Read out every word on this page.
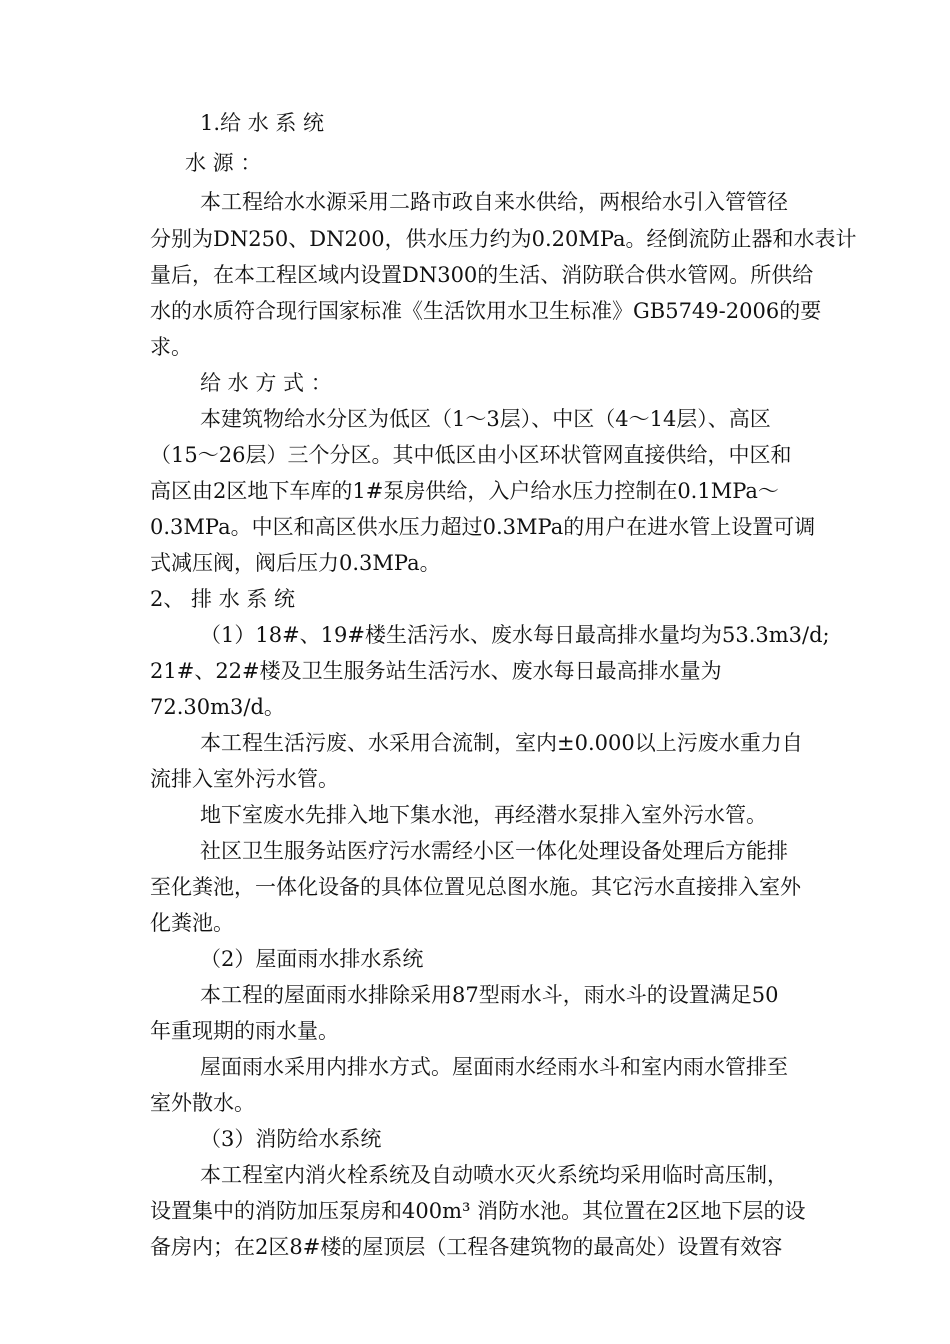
1.给 水 系 统
水 源 ：
本工程给水水源采用二路市政自来水供给，两根给水引入管管径
分别为DN250、DN200，供水压力约为0.20MPa。经倒流防止器和水表计
量后，在本工程区域内设置DN300的生活、消防联合供水管网。所供给
水的水质符合现行国家标准《生活饮用水卫生标准》GB5749-2006的要
求。
给 水 方 式 ：
本建筑物给水分区为低区（1～3层）、中区（4～14层）、高区
（15～26层）三个分区。其中低区由小区环状管网直接供给，中区和
高区由2区地下车库的1#泵房供给，入户给水压力控制在0.1MPa～
0.3MPa。中区和高区供水压力超过0.3MPa的用户在进水管上设置可调
式减压阀，阀后压力0.3MPa。
2、 排 水 系 统
（1）18#、19#楼生活污水、废水每日最高排水量均为53.3m3/d;
21#、22#楼及卫生服务站生活污水、废水每日最高排水量为
72.30m3/d。
本工程生活污废、水采用合流制，室内±0.000以上污废水重力自
流排入室外污水管。
地下室废水先排入地下集水池，再经潜水泵排入室外污水管。
社区卫生服务站医疗污水需经小区一体化处理设备处理后方能排
至化粪池，一体化设备的具体位置见总图水施。其它污水直接排入室外
化粪池。
（2）屋面雨水排水系统
本工程的屋面雨水排除采用87型雨水斗，雨水斗的设置满足50
年重现期的雨水量。
屋面雨水采用内排水方式。屋面雨水经雨水斗和室内雨水管排至
室外散水。
（3）消防给水系统
本工程室内消火栓系统及自动喷水灭火系统均采用临时高压制，
设置集中的消防加压泵房和400m³ 消防水池。其位置在2区地下层的设
备房内；在2区8#楼的屋顶层（工程各建筑物的最高处）设置有效容
